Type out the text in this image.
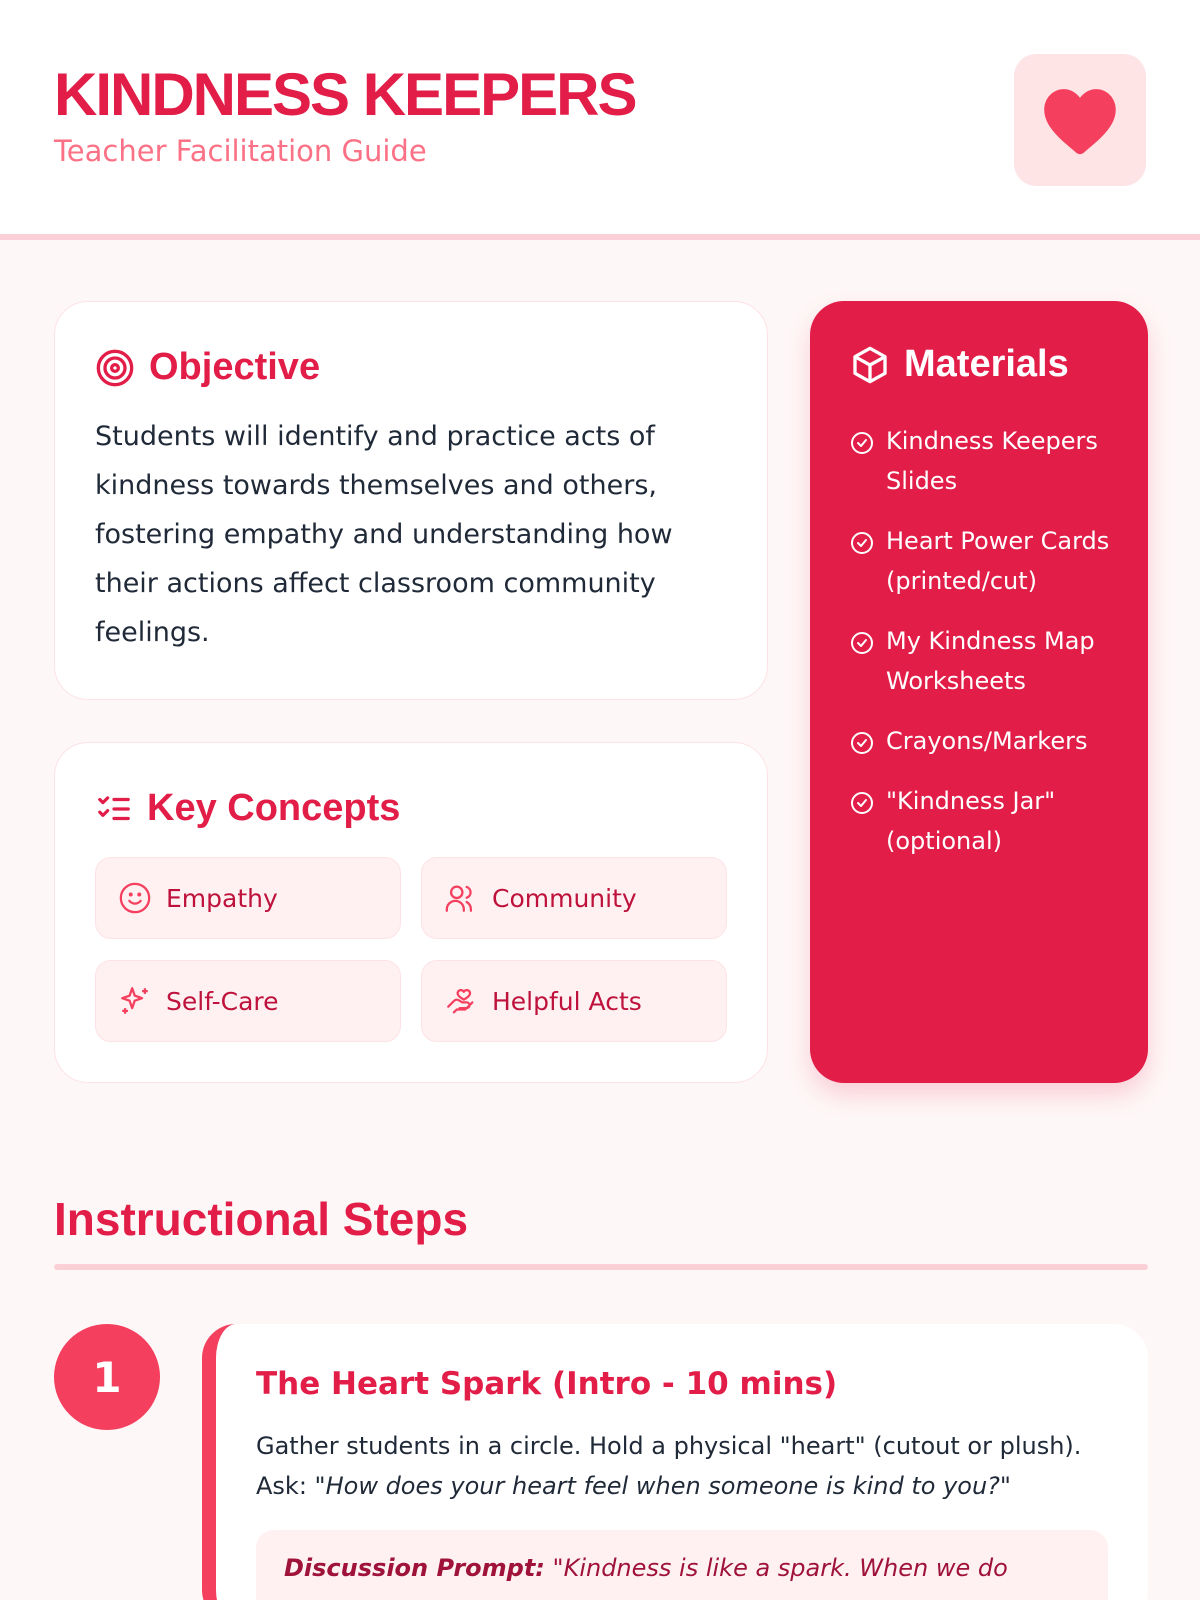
KINDNESS KEEPERS
Teacher Facilitation Guide
Objective
Students will identify and practice acts of kindness towards themselves and others, fostering empathy and understanding how their actions affect classroom community feelings.
Key Concepts
Empathy	Community
Self-Care	Helpful Acts
Materials
Kindness Keepers Slides
Heart Power Cards (printed/cut)
My Kindness Map Worksheets
Crayons/Markers
"Kindness Jar" (optional)
Instructional Steps
1	The Heart Spark (Intro - 10 mins)
Gather students in a circle. Hold a physical "heart" (cutout or plush). Ask: "How does your heart feel when someone is kind to you?"
Discussion Prompt: "Kindness is like a spark. When we do
